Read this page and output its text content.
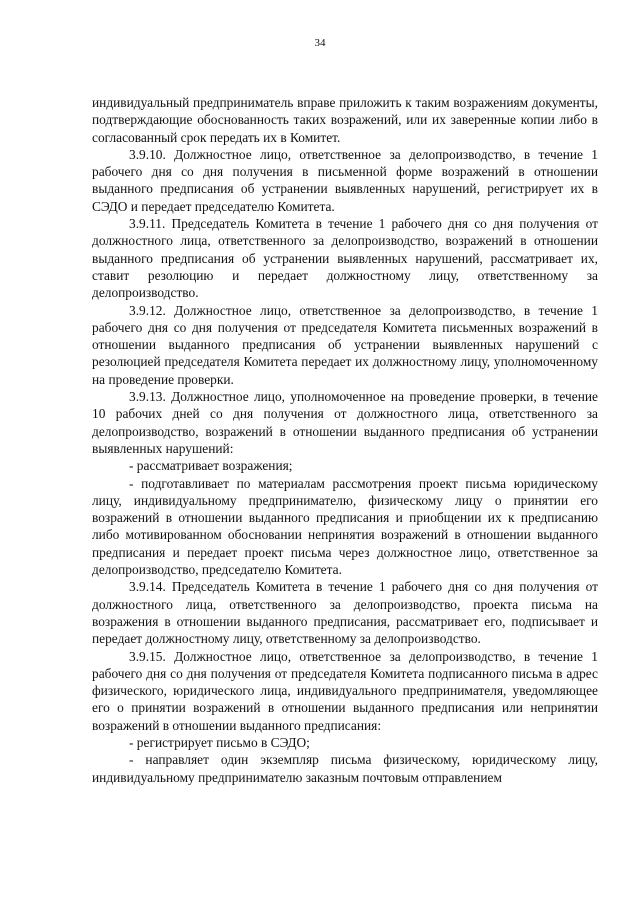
34

индивидуальный предприниматель вправе приложить к таким возражениям документы, подтверждающие обоснованность таких возражений, или их заверенные копии либо в согласованный срок передать их в Комитет.

3.9.10. Должностное лицо, ответственное за делопроизводство, в течение 1 рабочего дня со дня получения в письменной форме возражений в отношении выданного предписания об устранении выявленных нарушений, регистрирует их в СЭДО и передает председателю Комитета.

3.9.11. Председатель Комитета в течение 1 рабочего дня со дня получения от должностного лица, ответственного за делопроизводство, возражений в отношении выданного предписания об устранении выявленных нарушений, рассматривает их, ставит резолюцию и передает должностному лицу, ответственному за делопроизводство.

3.9.12. Должностное лицо, ответственное за делопроизводство, в течение 1 рабочего дня со дня получения от председателя Комитета письменных возражений в отношении выданного предписания об устранении выявленных нарушений с резолюцией председателя Комитета передает их должностному лицу, уполномоченному на проведение проверки.

3.9.13. Должностное лицо, уполномоченное на проведение проверки, в течение 10 рабочих дней со дня получения от должностного лица, ответственного за делопроизводство, возражений в отношении выданного предписания об устранении выявленных нарушений:

- рассматривает возражения;

- подготавливает по материалам рассмотрения проект письма юридическому лицу, индивидуальному предпринимателю, физическому лицу о принятии его возражений в отношении выданного предписания и приобщении их к предписанию либо мотивированном обосновании непринятия возражений в отношении выданного предписания и передает проект письма через должностное лицо, ответственное за делопроизводство, председателю Комитета.

3.9.14. Председатель Комитета в течение 1 рабочего дня со дня получения от должностного лица, ответственного за делопроизводство, проекта письма на возражения в отношении выданного предписания, рассматривает его, подписывает и передает должностному лицу, ответственному за делопроизводство.

3.9.15. Должностное лицо, ответственное за делопроизводство, в течение 1 рабочего дня со дня получения от председателя Комитета подписанного письма в адрес физического, юридического лица, индивидуального предпринимателя, уведомляющее его о принятии возражений в отношении выданного предписания или непринятии возражений в отношении выданного предписания:

- регистрирует письмо в СЭДО;

- направляет один экземпляр письма физическому, юридическому лицу, индивидуальному предпринимателю заказным почтовым отправлением
